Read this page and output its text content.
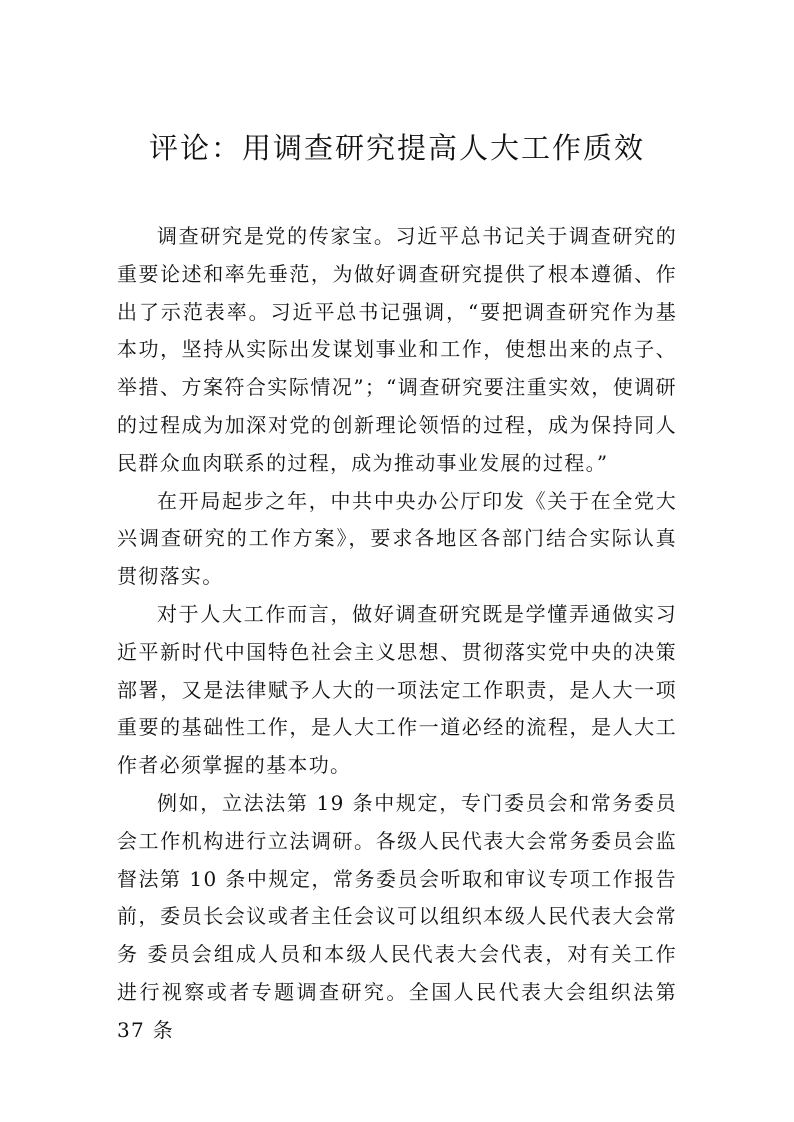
评论：用调查研究提高人大工作质效

调查研究是党的传家宝。习近平总书记关于调查研究的重要论述和率先垂范，为做好调查研究提供了根本遵循、作出了示范表率。习近平总书记强调，“要把调查研究作为基本功，坚持从实际出发谋划事业和工作，使想出来的点子、举措、方案符合实际情况”；“调查研究要注重实效，使调研的过程成为加深对党的创新理论领悟的过程，成为保持同人民群众血肉联系的过程，成为推动事业发展的过程。”

在开局起步之年，中共中央办公厅印发《关于在全党大兴调查研究的工作方案》，要求各地区各部门结合实际认真 贯彻落实。

对于人大工作而言，做好调查研究既是学懂弄通做实习近平新时代中国特色社会主义思想、贯彻落实党中央的决策部署，又是法律赋予人大的一项法定工作职责，是人大一项重要的基础性工作，是人大工作一道必经的流程，是人大工作者必须掌握的基本功。

例如，立法法第 19 条中规定，专门委员会和常务委员会工作机构进行立法调研。各级人民代表大会常务委员会监督法第 10 条中规定，常务委员会听取和审议专项工作报告前，委员长会议或者主任会议可以组织本级人民代表大会常务 委员会组成人员和本级人民代表大会代表，对有关工作进行视察或者专题调查研究。全国人民代表大会组织法第 37 条
